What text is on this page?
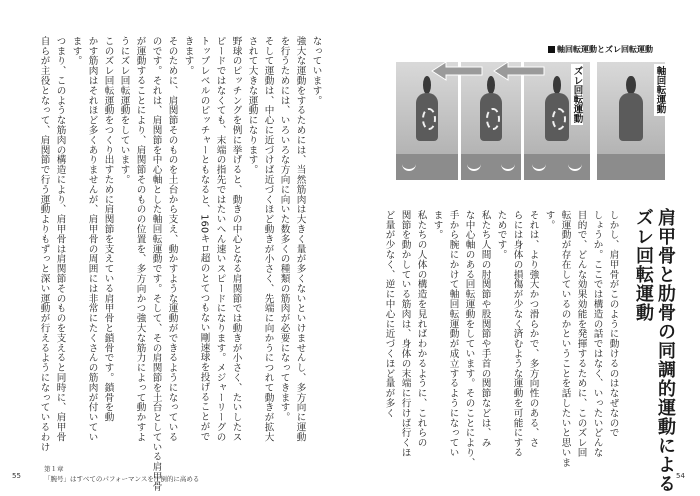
なっています。
強大な運動をするためには、当然筋肉は大きく量が多くないといけませんし、多方向に運動
を行うためには、いろいろな方向に向いた数多くの種類の筋肉が必要になってきます。
そして運動は、中心に近づけば近づくほど動きが小さく、先端に向かうにつれて動きが拡大
されて大きな運動になります。
野球のピッチングを例に挙げると、動きの中心となる肩関節では動きが小さく、たいしたス
ピードではなくても、末端の指先ではたいへん速いスピードになります。メジャーリーグの
トップレベルのピッチャーともなると、160キロ超のとてつもない剛速球を投げることがで
きます。
そのために、肩関節そのものを土台から支え、動かすような運動ができるようになっている
のです。それは、肩関節を中心軸とした軸回転運動です。そして、その肩関節を土台としている肩甲骨
が運動することにより、肩関節そのものの位置を、多方向かつ強大な筋力によって動かすよ
うにズレ回転運動をしています。
このズレ回転運動をつくり出すために肩関節を支えている肩甲骨と鎖骨です。鎖骨を動
かす筋肉はそれほど多くありませんが、肩甲骨の周囲には非常にたくさんの筋肉が付いてい
ます。
つまり、このような筋肉の構造により、肩甲骨は肩関節そのものを支えると同時に、肩甲骨
自らが主役となって、肩関節で行う運動よりもずっと深い運動が行えるようになっているわけ
55
第１章
「腕号」はすべてのパフォーマンスを圧倒的に高める
軸回転運動とズレ回転運動
軸回転運動
ズレ回転運動
肩甲骨と肋骨の同調的運動による
ズレ回転運動
しかし、肩甲骨がこのように動けるのはなぜなので
しょうか。ここでは構造の話ではなく、いったいどんな
目的で、どんな効果効能を発揮するために、このズレ回
転運動が存在しているのかということを話したいと思いま
す。
それは、より強大かつ滑らかで、多方向性のある、さ
らには身体の損傷が少なく済むような運動を可能にする
ためです。
私たち人間の肘関節や股関節や手首の関節などは、み
な中心軸のある回転運動をしています。そのことにより、
手から腕にかけて軸回転運動が成立するようになってい
ます。
私たちの人体の構造を見ればわかるように、これらの
関節を動かしている筋肉は、身体の末端に行けば行くほ
ど量が少なく、逆に中心に近づくほど量が多く
54
